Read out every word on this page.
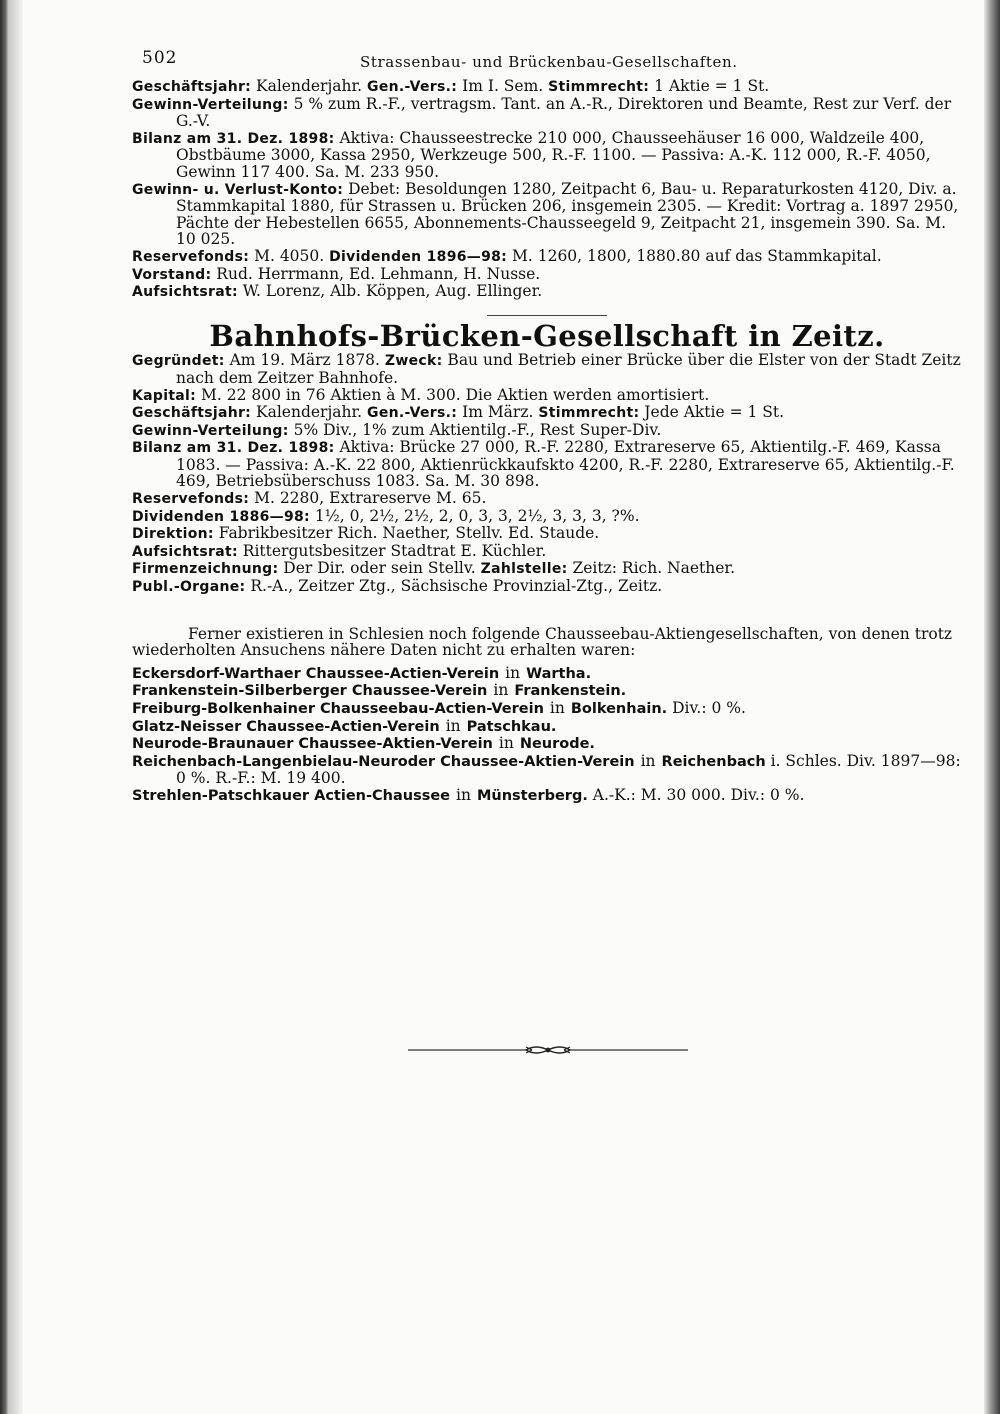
502	Strassenbau- und Brückenbau-Gesellschaften.

Geschäftsjahr: Kalenderjahr. Gen.-Vers.: Im I. Sem. Stimmrecht: 1 Aktie = 1 St.

Gewinn-Verteilung: 5 % zum R.-F., vertragsm. Tant. an A.-R., Direktoren und Beamte, Rest zur Verf. der G.-V.

Bilanz am 31. Dez. 1898: Aktiva: Chausseestrecke 210 000, Chausseehäuser 16 000, Waldzeile 400, Obstbäume 3000, Kassa 2950, Werkzeuge 500, R.-F. 1100. — Passiva: A.-K. 112 000, R.-F. 4050, Gewinn 117 400. Sa. M. 233 950.

Gewinn- u. Verlust-Konto: Debet: Besoldungen 1280, Zeitpacht 6, Bau- u. Reparaturkosten 4120, Div. a. Stammkapital 1880, für Strassen u. Brücken 206, insgemein 2305. — Kredit: Vortrag a. 1897 2950, Pächte der Hebestellen 6655, Abonnements-Chausseegeld 9, Zeitpacht 21, insgemein 390. Sa. M. 10 025.

Reservefonds: M. 4050. Dividenden 1896—98: M. 1260, 1800, 1880.80 auf das Stammkapital.

Vorstand: Rud. Herrmann, Ed. Lehmann, H. Nusse.

Aufsichtsrat: W. Lorenz, Alb. Köppen, Aug. Ellinger.

Bahnhofs-Brücken-Gesellschaft in Zeitz.

Gegründet: Am 19. März 1878. Zweck: Bau und Betrieb einer Brücke über die Elster von der Stadt Zeitz nach dem Zeitzer Bahnhofe.

Kapital: M. 22 800 in 76 Aktien à M. 300. Die Aktien werden amortisiert.

Geschäftsjahr: Kalenderjahr. Gen.-Vers.: Im März. Stimmrecht: Jede Aktie = 1 St.

Gewinn-Verteilung: 5% Div., 1% zum Aktientilg.-F., Rest Super-Div.

Bilanz am 31. Dez. 1898: Aktiva: Brücke 27 000, R.-F. 2280, Extrareserve 65, Aktientilg.-F. 469, Kassa 1083. — Passiva: A.-K. 22 800, Aktienrückkaufskto 4200, R.-F. 2280, Extrareserve 65, Aktientilg.-F. 469, Betriebsüberschuss 1083. Sa. M. 30 898.

Reservefonds: M. 2280, Extrareserve M. 65.

Dividenden 1886—98: 1½, 0, 2½, 2½, 2, 0, 3, 3, 2½, 3, 3, 3, ?%.

Direktion: Fabrikbesitzer Rich. Naether, Stellv. Ed. Staude.

Aufsichtsrat: Rittergutsbesitzer Stadtrat E. Küchler.

Firmenzeichnung: Der Dir. oder sein Stellv. Zahlstelle: Zeitz: Rich. Naether.

Publ.-Organe: R.-A., Zeitzer Ztg., Sächsische Provinzial-Ztg., Zeitz.

Ferner existieren in Schlesien noch folgende Chausseebau-Aktiengesellschaften, von denen trotz wiederholten Ansuchens nähere Daten nicht zu erhalten waren:

Eckersdorf-Warthaer Chaussee-Actien-Verein in Wartha.

Frankenstein-Silberberger Chaussee-Verein in Frankenstein.

Freiburg-Bolkenhainer Chausseebau-Actien-Verein in Bolkenhain. Div.: 0 %.

Glatz-Neisser Chaussee-Actien-Verein in Patschkau.

Neurode-Braunauer Chaussee-Aktien-Verein in Neurode.

Reichenbach-Langenbielau-Neuroder Chaussee-Aktien-Verein in Reichenbach i. Schles. Div. 1897—98: 0 %. R.-F.: M. 19 400.

Strehlen-Patschkauer Actien-Chaussee in Münsterberg. A.-K.: M. 30 000. Div.: 0 %.
